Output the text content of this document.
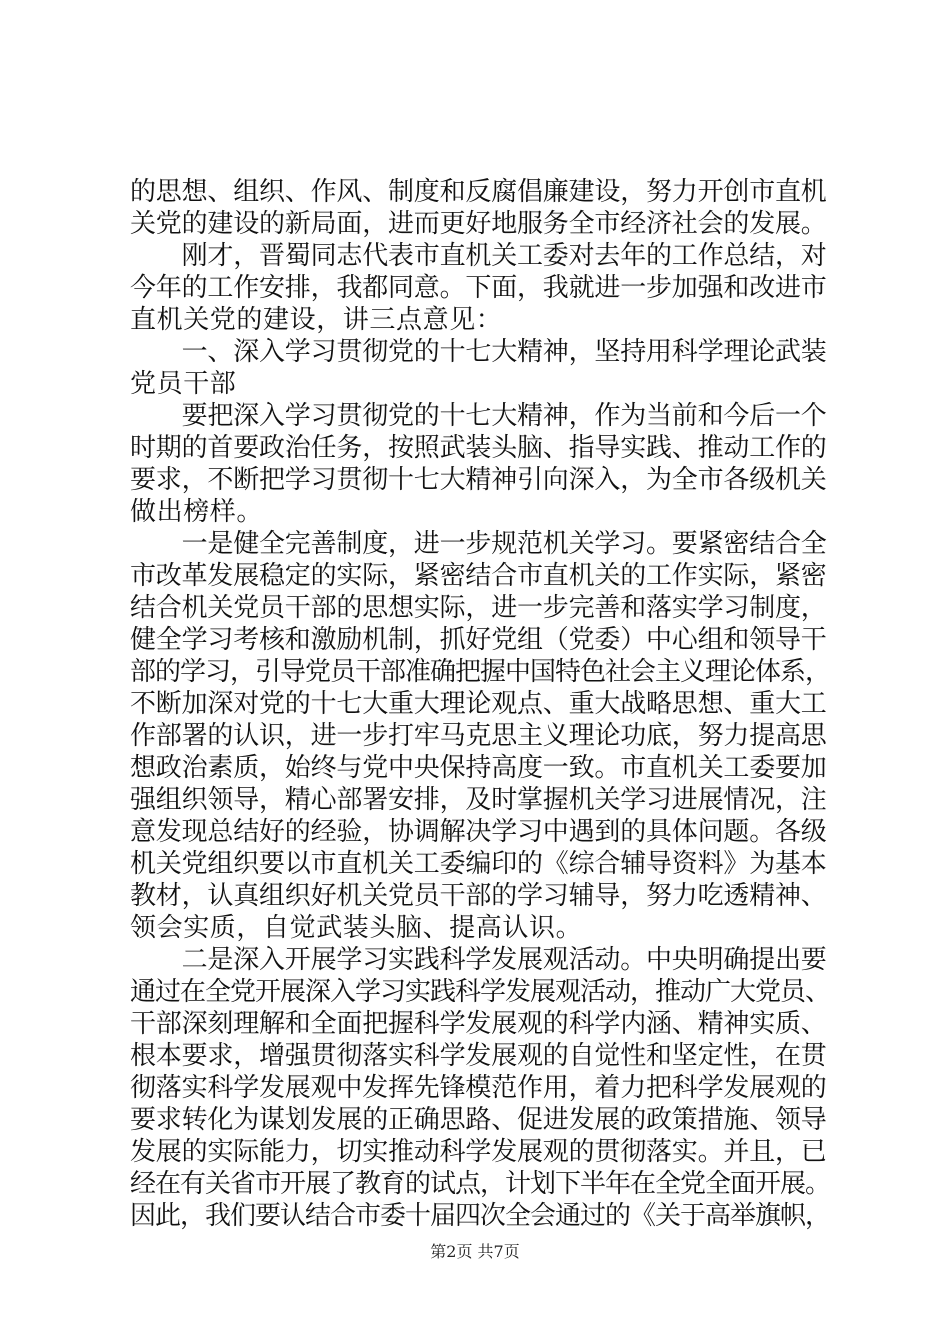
的思想、组织、作风、制度和反腐倡廉建设，努力开创市直机
关党的建设的新局面，进而更好地服务全市经济社会的发展。
　　刚才，晋蜀同志代表市直机关工委对去年的工作总结，对
今年的工作安排，我都同意。下面，我就进一步加强和改进市
直机关党的建设，讲三点意见：
　　一、深入学习贯彻党的十七大精神，坚持用科学理论武装
党员干部
　　要把深入学习贯彻党的十七大精神，作为当前和今后一个
时期的首要政治任务，按照武装头脑、指导实践、推动工作的
要求，不断把学习贯彻十七大精神引向深入，为全市各级机关
做出榜样。
　　一是健全完善制度，进一步规范机关学习。要紧密结合全
市改革发展稳定的实际，紧密结合市直机关的工作实际，紧密
结合机关党员干部的思想实际，进一步完善和落实学习制度，
健全学习考核和激励机制，抓好党组（党委）中心组和领导干
部的学习，引导党员干部准确把握中国特色社会主义理论体系，
不断加深对党的十七大重大理论观点、重大战略思想、重大工
作部署的认识，进一步打牢马克思主义理论功底，努力提高思
想政治素质，始终与党中央保持高度一致。市直机关工委要加
强组织领导，精心部署安排，及时掌握机关学习进展情况，注
意发现总结好的经验，协调解决学习中遇到的具体问题。各级
机关党组织要以市直机关工委编印的《综合辅导资料》为基本
教材，认真组织好机关党员干部的学习辅导，努力吃透精神、
领会实质，自觉武装头脑、提高认识。
　　二是深入开展学习实践科学发展观活动。中央明确提出要
通过在全党开展深入学习实践科学发展观活动，推动广大党员、
干部深刻理解和全面把握科学发展观的科学内涵、精神实质、
根本要求，增强贯彻落实科学发展观的自觉性和坚定性，在贯
彻落实科学发展观中发挥先锋模范作用，着力把科学发展观的
要求转化为谋划发展的正确思路、促进发展的政策措施、领导
发展的实际能力，切实推动科学发展观的贯彻落实。并且，已
经在有关省市开展了教育的试点，计划下半年在全党全面开展。
因此，我们要认结合市委十届四次全会通过的《关于高举旗帜，
第2页 共7页
